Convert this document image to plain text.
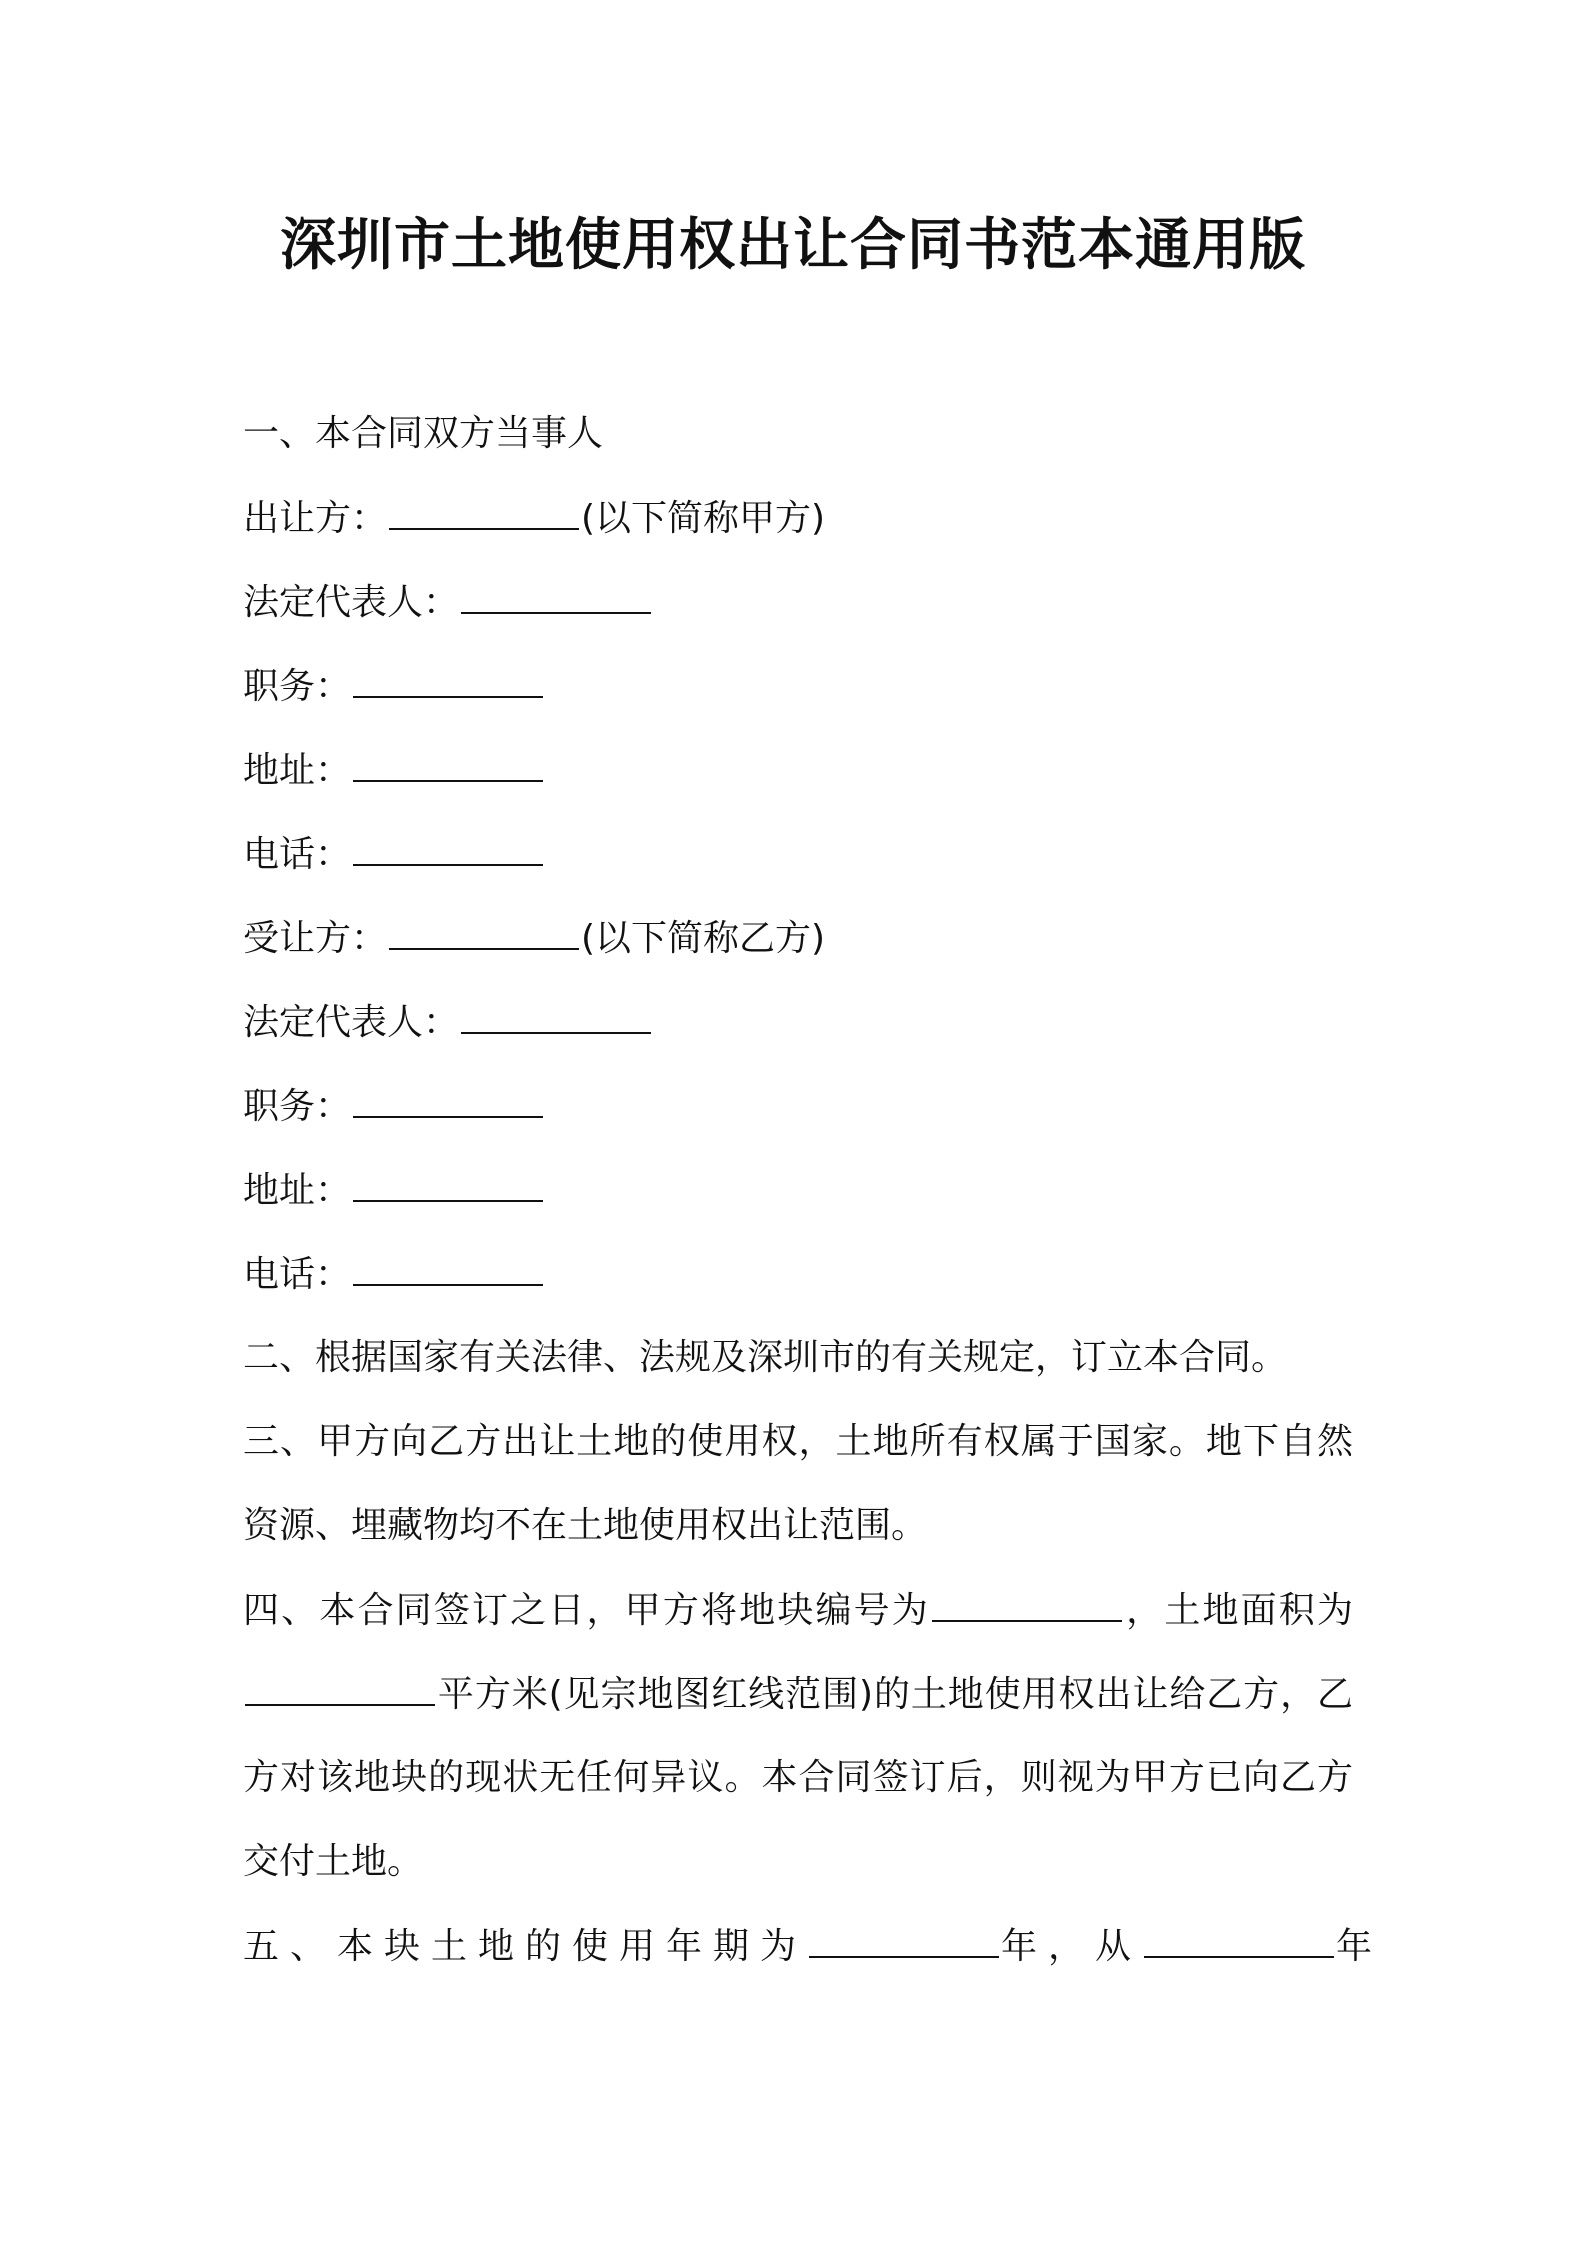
深圳市土地使用权出让合同书范本通用版
一、本合同双方当事人
出让方：	(以下简称甲方)
法定代表人：
职务：
地址：
电话：
受让方：	(以下简称乙方)
法定代表人：
职务：
地址：
电话：
二、根据国家有关法律、法规及深圳市的有关规定，订立本合同。
三、甲方向乙方出让土地的使用权，土地所有权属于国家。地下自然
资源、埋藏物均不在土地使用权出让范围。
四、本合同签订之日，甲方将地块编号为	，土地面积为
平方米(见宗地图红线范围)的土地使用权出让给乙方，乙
方对该地块的现状无任何异议。本合同签订后，则视为甲方已向乙方
交付土地。
五、本块土地的使用年期为	年，从	年
